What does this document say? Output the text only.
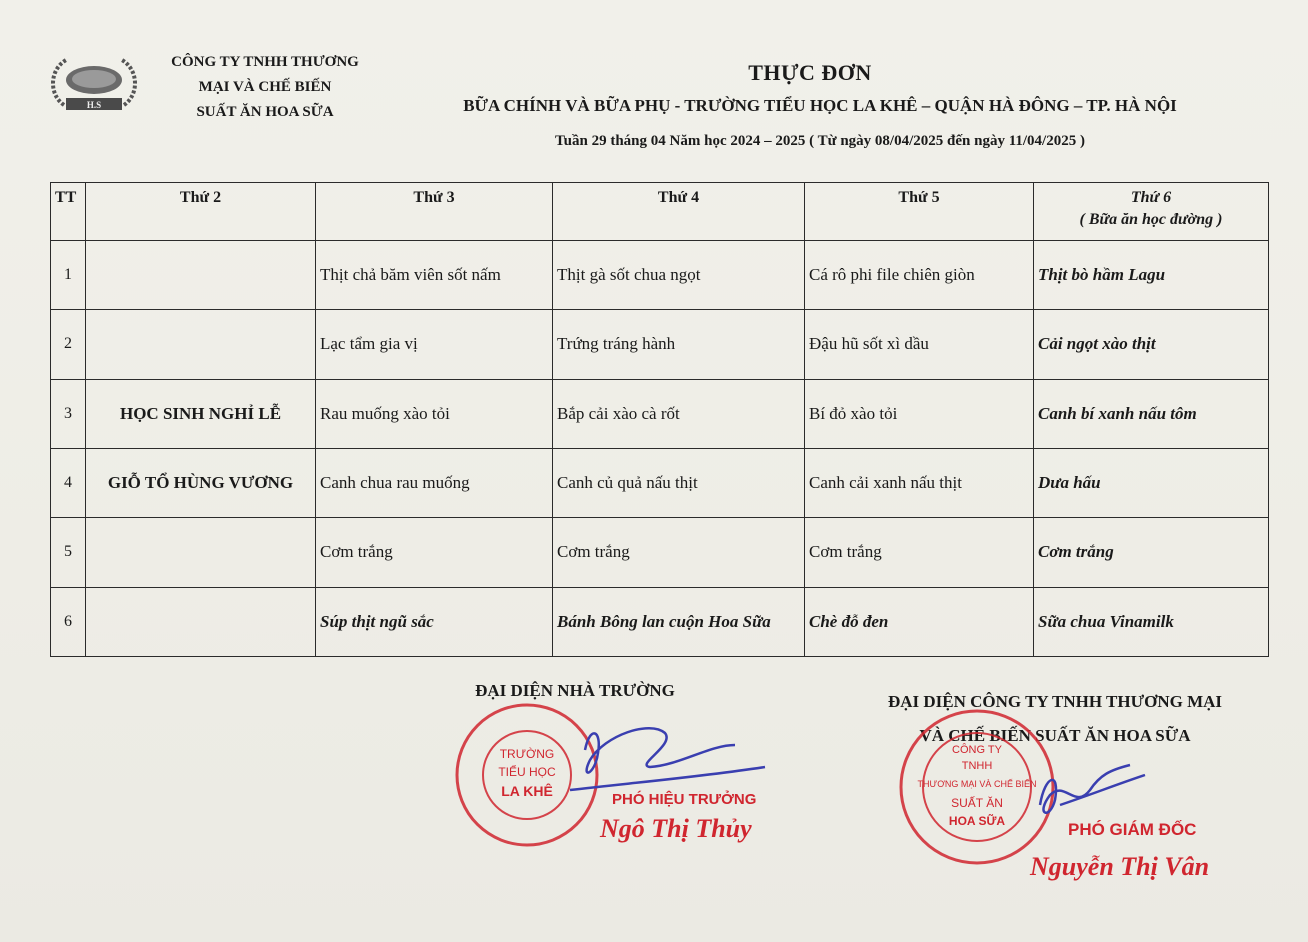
H.S
CÔNG TY TNHH THƯƠNG
MẠI VÀ CHẾ BIẾN
SUẤT ĂN HOA SỮA
THỰC ĐƠN
BỮA CHÍNH VÀ BỮA PHỤ - TRƯỜNG TIỂU HỌC LA KHÊ – QUẬN HÀ ĐÔNG – TP. HÀ NỘI
Tuần 29 tháng 04 Năm học 2024 – 2025 ( Từ ngày 08/04/2025 đến ngày 11/04/2025 )
TT	Thứ 2	Thứ 3	Thứ 4	Thứ 5	Thứ 6
( Bữa ăn học đường )

1		Thịt chả băm viên sốt nấm	Thịt gà sốt chua ngọt	Cá rô phi file chiên giòn	Thịt bò hầm Lagu
2		Lạc tẩm gia vị	Trứng tráng hành	Đậu hũ sốt xì dầu	Cải ngọt xào thịt
3	HỌC SINH NGHỈ LỄ	Rau muống xào tỏi	Bắp cải xào cà rốt	Bí đỏ xào tỏi	Canh bí xanh nấu tôm
4	GIỖ TỔ HÙNG VƯƠNG	Canh chua rau muống	Canh củ quả nấu thịt	Canh cải xanh nấu thịt	Dưa hấu
5		Cơm trắng	Cơm trắng	Cơm trắng	Cơm trắng
6		Súp thịt ngũ sắc	Bánh Bông lan cuộn Hoa Sữa	Chè đỗ đen	Sữa chua Vinamilk
ĐẠI DIỆN NHÀ TRƯỜNG
ĐẠI DIỆN CÔNG TY TNHH THƯƠNG MẠI
VÀ CHẾ BIẾN SUẤT ĂN HOA SỮA
TRƯỜNG
TIỂU HỌC
LA KHÊ
CÔNG TY
TNHH
THƯƠNG MẠI VÀ CHẾ BIẾN
SUẤT ĂN
HOA SỮA
PHÓ HIỆU TRƯỞNG
Ngô Thị Thủy	PHÓ GIÁM ĐỐC
Nguyễn Thị Vân
